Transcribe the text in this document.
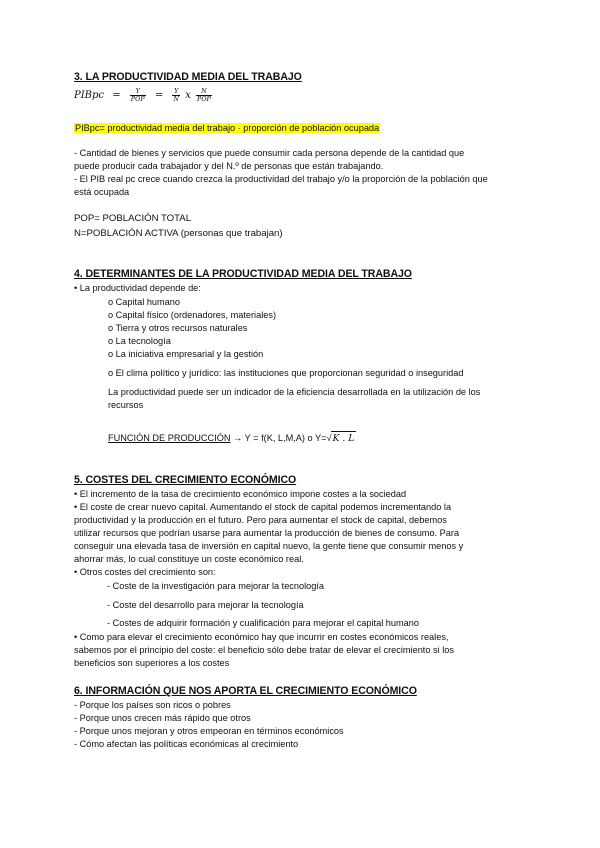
3. LA PRODUCTIVIDAD MEDIA DEL TRABAJO
PIBpc = $\frac{Y}{\text{POP}} = \frac{Y}{N}$ x $\frac{N}{\text{POP}}$
PIBpc= productividad media del trabajo · proporción de población ocupada
- Cantidad de bienes y servicios que puede consumir cada persona depende de la cantidad que
puede producir cada trabajador y del N.º de personas que están trabajando.
- El PIB real pc crece cuando crezca la productividad del trabajo y/o la proporción de la población que
está ocupada
POP= POBLACIÓN TOTAL
N=POBLACIÓN ACTIVA (personas que trabajan)
4. DETERMINANTES DE LA PRODUCTIVIDAD MEDIA DEL TRABAJO
• La productividad depende de:
o Capital humano
o Capital físico (ordenadores, materiales)
o Tierra y otros recursos naturales
o La tecnología
o La iniciativa empresarial y la gestión
o El clima político y jurídico: las instituciones que proporcionan seguridad o inseguridad
La productividad puede ser un indicador de la eficiencia desarrollada en la utilización de los
recursos
FUNCIÓN DE PRODUCCIÓN → Y = f(K, L,M,A) o Y=√K . L
5. COSTES DEL CRECIMIENTO ECONÓMICO
• El incremento de la tasa de crecimiento económico impone costes a la sociedad
• El coste de crear nuevo capital. Aumentando el stock de capital podemos incrementando la
productividad y la producción en el futuro. Pero para aumentar el stock de capital, debemos
utilizar recursos que podrían usarse para aumentar la producción de bienes de consumo. Para
conseguir una elevada tasa de inversión en capital nuevo, la gente tiene que consumir menos y
ahorrar más, lo cual constituye un coste económico real.
• Otros costes del crecimiento son:
- Coste de la investigación para mejorar la tecnología
- Coste del desarrollo para mejorar la tecnología
- Costes de adquirir formación y cualificación para mejorar el capital humano
• Como para elevar el crecimiento económico hay que incurrir en costes económicos reales,
sabemos por el principio del coste: el beneficio sólo debe tratar de elevar el crecimiento si los
beneficios son superiores a los costes
6. INFORMACIÓN QUE NOS APORTA EL CRECIMIENTO ECONÓMICO
- Porque los países son ricos o pobres
- Porque unos crecen más rápido que otros
- Porque unos mejoran y otros empeoran en términos económicos
- Cómo afectan las políticas económicas al crecimiento
